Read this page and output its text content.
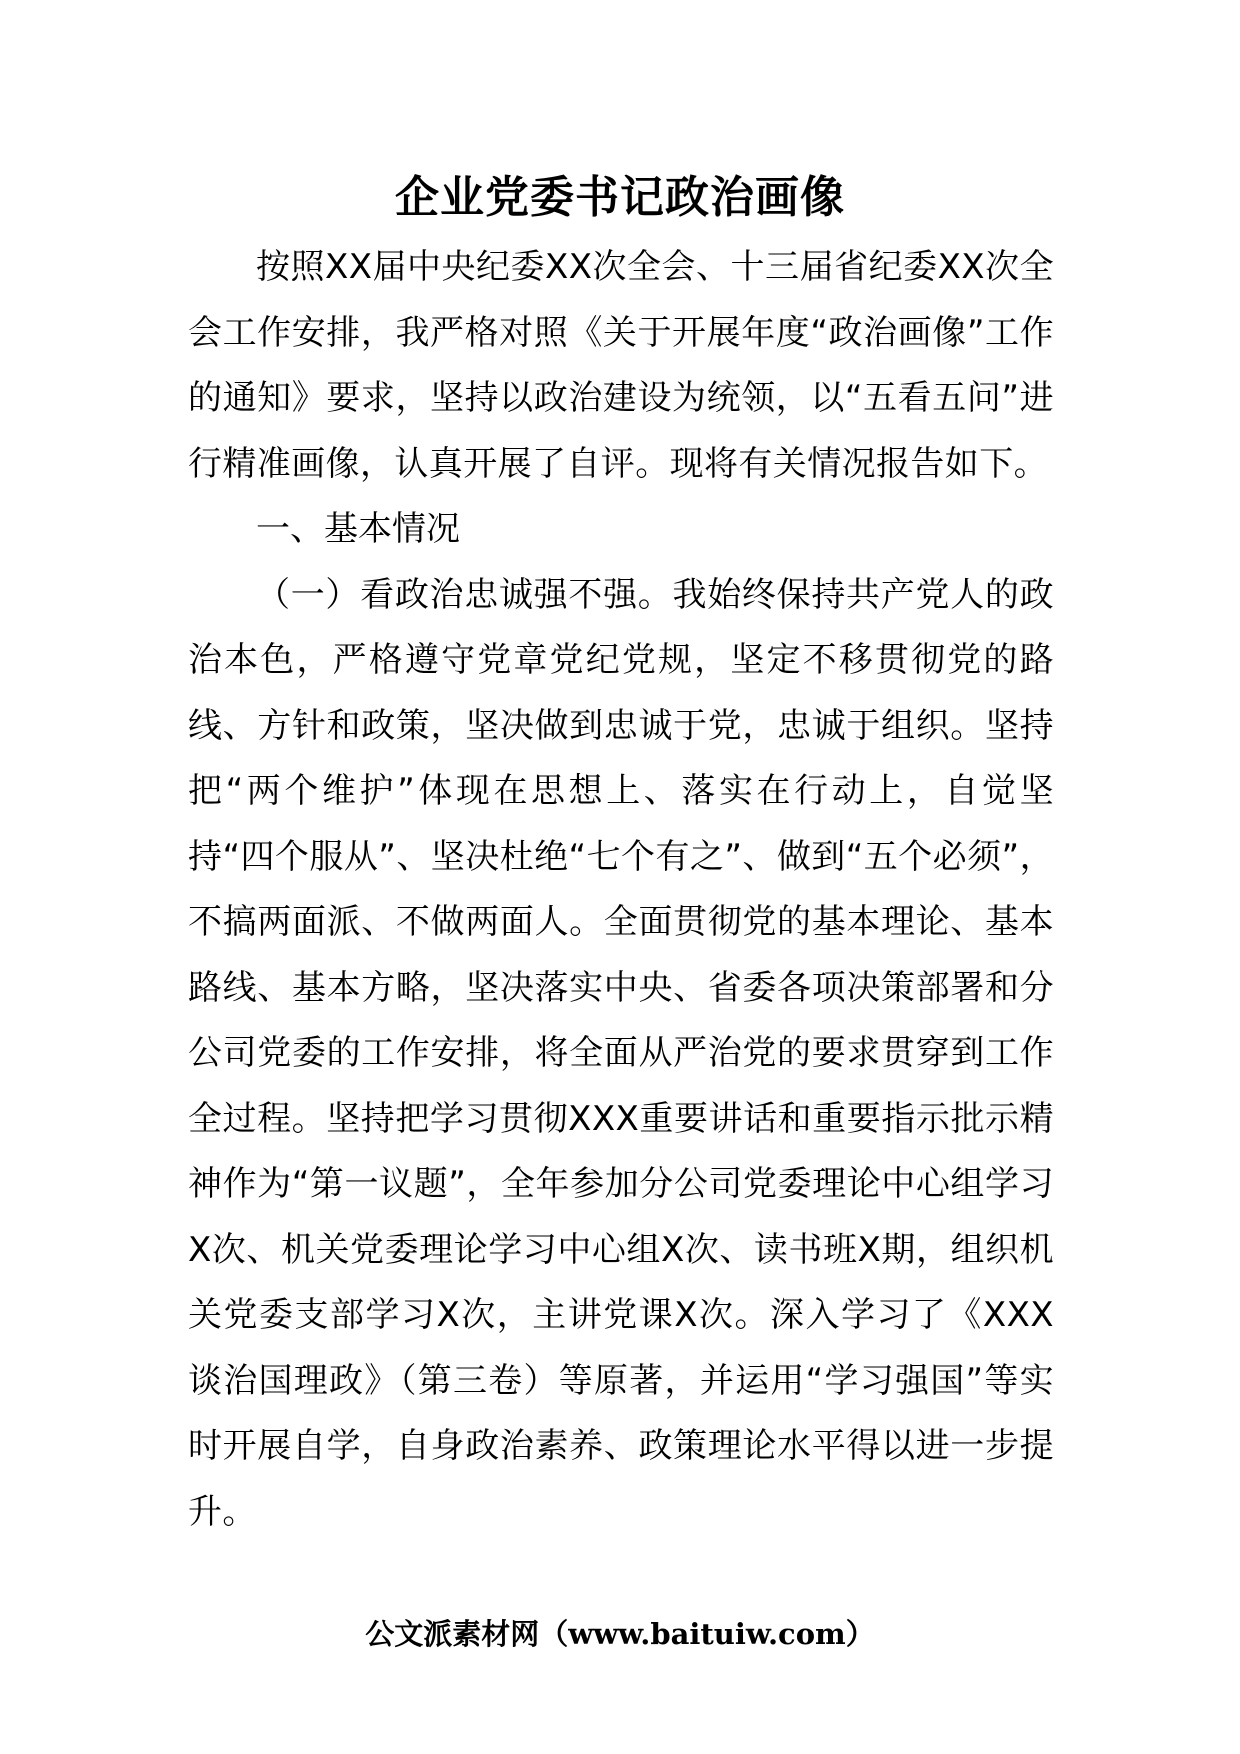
企业党委书记政治画像

按照XX届中央纪委XX次全会、十三届省纪委XX次全会工作安排，我严格对照《关于开展年度“政治画像”工作的通知》要求，坚持以政治建设为统领，以“五看五问”进行精准画像，认真开展了自评。现将有关情况报告如下。

一、基本情况

（一）看政治忠诚强不强。我始终保持共产党人的政治本色，严格遵守党章党纪党规，坚定不移贯彻党的路线、方针和政策，坚决做到忠诚于党，忠诚于组织。坚持把“两个维护”体现在思想上、落实在行动上，自觉坚持“四个服从”、坚决杜绝“七个有之”、做到“五个必须”，不搞两面派、不做两面人。全面贯彻党的基本理论、基本路线、基本方略，坚决落实中央、省委各项决策部署和分公司党委的工作安排，将全面从严治党的要求贯穿到工作全过程。坚持把学习贯彻XXX重要讲话和重要指示批示精神作为“第一议题”，全年参加分公司党委理论中心组学习X次、机关党委理论学习中心组X次、读书班X期，组织机关党委支部学习X次，主讲党课X次。深入学习了《XXX谈治国理政》（第三卷）等原著，并运用“学习强国”等实时开展自学，自身政治素养、政策理论水平得以进一步提升。

公文派素材网（www.baituiw.com）
